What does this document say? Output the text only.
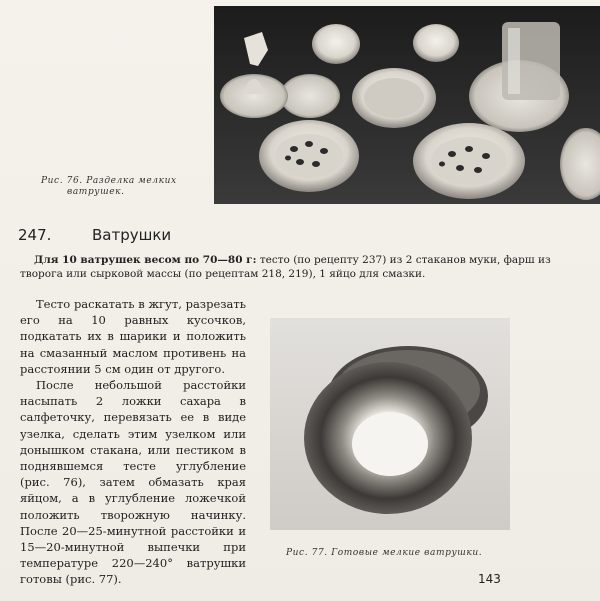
Рис. 76. Разделка мелких
ватрушек.
247.	Ватрушки

Для 10 ватрушек весом по 70—80 г: тесто (по рецепту 237) из 2 стаканов муки, фарш из творога или сырковой массы (по рецептам 218, 219), 1 яйцо для смазки.

Тесто раскатать в жгут, разрезать его на 10 равных кусочков, подкатать их в шарики и положить на смазанный маслом противень на расстоянии 5 см один от другого.

После небольшой расстойки насыпать 2 ложки сахара в салфеточку, перевязать ее в виде узелка, сделать этим узелком или донышком стакана, или пестиком в поднявшемся тесте углубление (рис. 76), затем обмазать края яйцом, а в углубление ложечкой положить творожную начинку. После 20—25-минутной расстойки и 15—20-минутной выпечки при температуре 220—240° ватрушки готовы (рис. 77).

Рис. 77. Готовые мелкие ватрушки.
143
